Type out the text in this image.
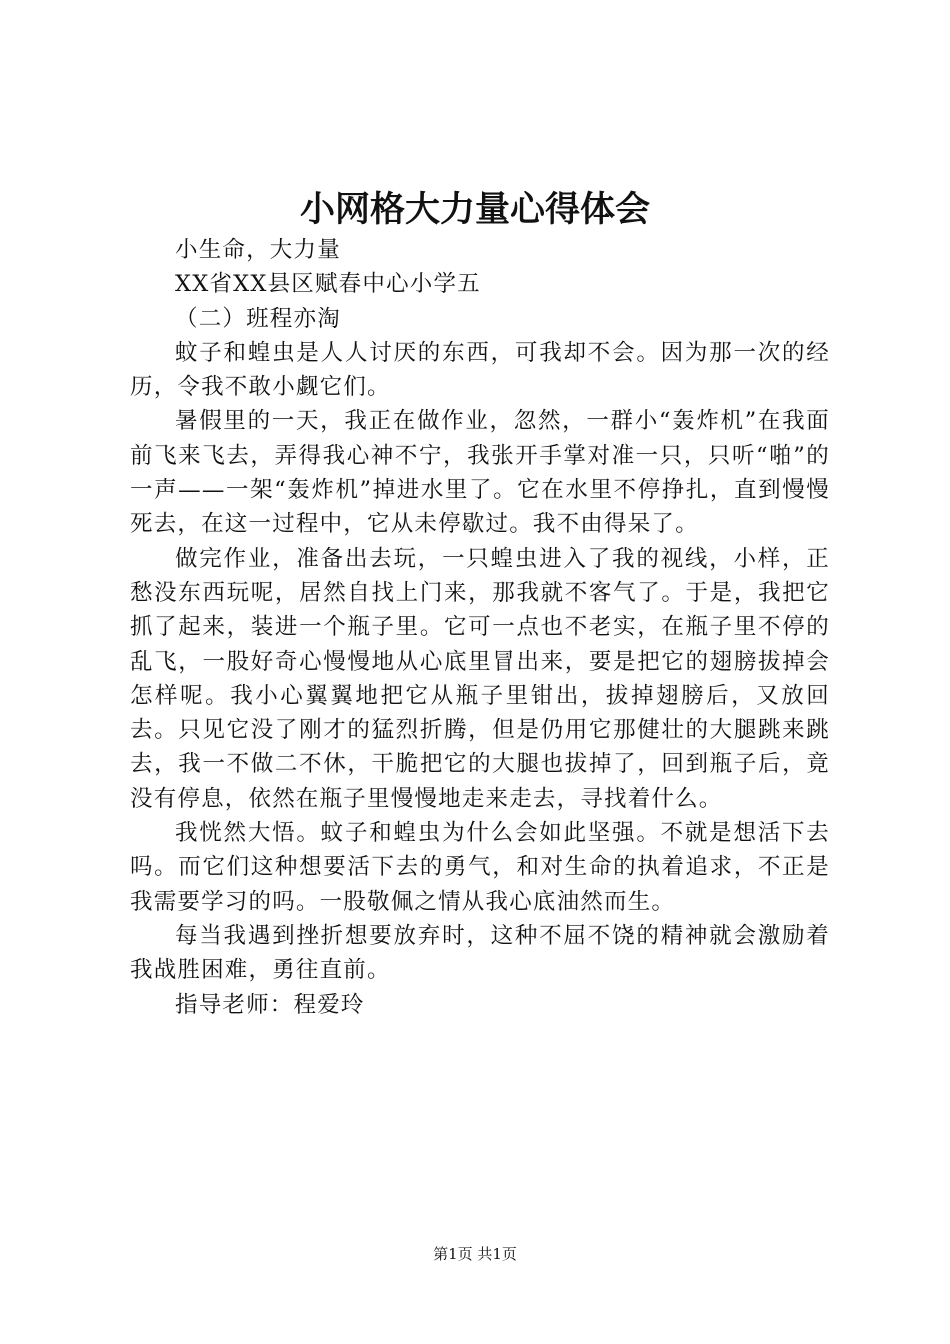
小网格大力量心得体会

小生命，大力量

XX省XX县区赋春中心小学五

（二）班程亦淘

蚊子和蝗虫是人人讨厌的东西，可我却不会。因为那一次的经历，令我不敢小觑它们。

暑假里的一天，我正在做作业，忽然，一群小“轰炸机”在我面前飞来飞去，弄得我心神不宁，我张开手掌对准一只，只听“啪”的一声——一架“轰炸机”掉进水里了。它在水里不停挣扎，直到慢慢死去，在这一过程中，它从未停歇过。我不由得呆了。

做完作业，准备出去玩，一只蝗虫进入了我的视线，小样，正愁没东西玩呢，居然自找上门来，那我就不客气了。于是，我把它抓了起来，装进一个瓶子里。它可一点也不老实，在瓶子里不停的乱飞，一股好奇心慢慢地从心底里冒出来，要是把它的翅膀拔掉会怎样呢。我小心翼翼地把它从瓶子里钳出，拔掉翅膀后，又放回去。只见它没了刚才的猛烈折腾，但是仍用它那健壮的大腿跳来跳去，我一不做二不休，干脆把它的大腿也拔掉了，回到瓶子后，竟没有停息，依然在瓶子里慢慢地走来走去，寻找着什么。

我恍然大悟。蚊子和蝗虫为什么会如此坚强。不就是想活下去吗。而它们这种想要活下去的勇气，和对生命的执着追求，不正是我需要学习的吗。一股敬佩之情从我心底油然而生。

每当我遇到挫折想要放弃时，这种不屈不饶的精神就会激励着我战胜困难，勇往直前。

指导老师：程爱玲

第1页 共1页
